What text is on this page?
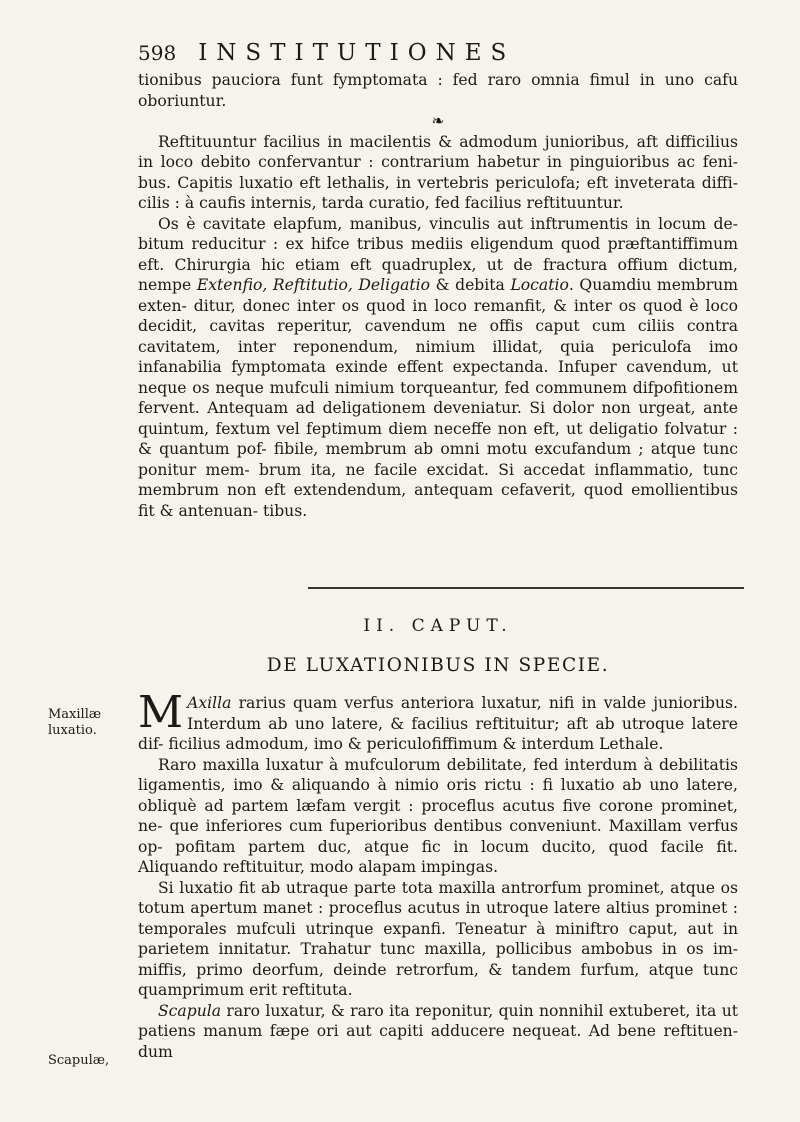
598 INSTITUTIONES

tionibus pauciora funt fymptomata : fed raro omnia fimul in uno cafu oboriuntur.

❧

Reftituuntur facilius in macilentis & admodum junioribus, aft difficilius in loco debito confervantur : contrarium habetur in pinguioribus ac feni- bus. Capitis luxatio eft lethalis, in vertebris periculofa; eft inveterata diffi- cilis : à caufis internis, tarda curatio, fed facilius reftituuntur.

Os è cavitate elapfum, manibus, vinculis aut inftrumentis in locum de- bitum reducitur : ex hifce tribus mediis eligendum quod præftantiffimum eft. Chirurgia hic etiam eft quadruplex, ut de fractura offium dictum, nempe Extenfio, Reftitutio, Deligatio & debita Locatio. Quamdiu membrum exten- ditur, donec inter os quod in loco remanfit, & inter os quod è loco decidit, cavitas reperitur, cavendum ne offis caput cum ciliis contra cavitatem, inter reponendum, nimium illidat, quia periculofa imo infanabilia fymptomata exinde effent expectanda. Infuper cavendum, ut neque os neque mufculi nimium torqueantur, fed communem difpofitionem fervent. Antequam ad deligationem deveniatur. Si dolor non urgeat, ante quintum, fextum vel feptimum diem neceffe non eft, ut deligatio folvatur : & quantum pof- fibile, membrum ab omni motu excufandum ; atque tunc ponitur mem- brum ita, ne facile excidat. Si accedat inflammatio, tunc membrum non eft extendendum, antequam cefaverit, quod emollientibus fit & antenuan- tibus.

II. CAPUT.
DE LUXATIONIBUS IN SPECIE.
Maxillæ luxatio. M Axilla rarius quam verfus anteriora luxatur, nifi in valde junioribus. Interdum ab uno latere, & facilius reftituitur; aft ab utroque latere dif- ficilius admodum, imo & periculofiffimum & interdum Lethale.

Raro maxilla luxatur à mufculorum debilitate, fed interdum à debilitatis ligamentis, imo & aliquando à nimio oris rictu : fi luxatio ab uno latere, obliquè ad partem læfam vergit : proceflus acutus five corone prominet, ne- que inferiores cum fuperioribus dentibus conveniunt. Maxillam verfus op- pofitam partem duc, atque fic in locum ducito, quod facile fit. Aliquando reftituitur, modo alapam impingas.

Si luxatio fit ab utraque parte tota maxilla antrorfum prominet, atque os totum apertum manet : proceflus acutus in utroque latere altius prominet : temporales mufculi utrinque expanfi. Teneatur à miniftro caput, aut in parietem innitatur. Trahatur tunc maxilla, pollicibus ambobus in os im- miffis, primo deorfum, deinde retrorfum, & tandem furfum, atque tunc quamprimum erit reftituta.

Scapula raro luxatur, & raro ita reponitur, quin nonnihil extuberet, ita ut patiens manum fæpe ori aut capiti adducere nequeat. Ad bene reftituen- dum

Scapulæ,
